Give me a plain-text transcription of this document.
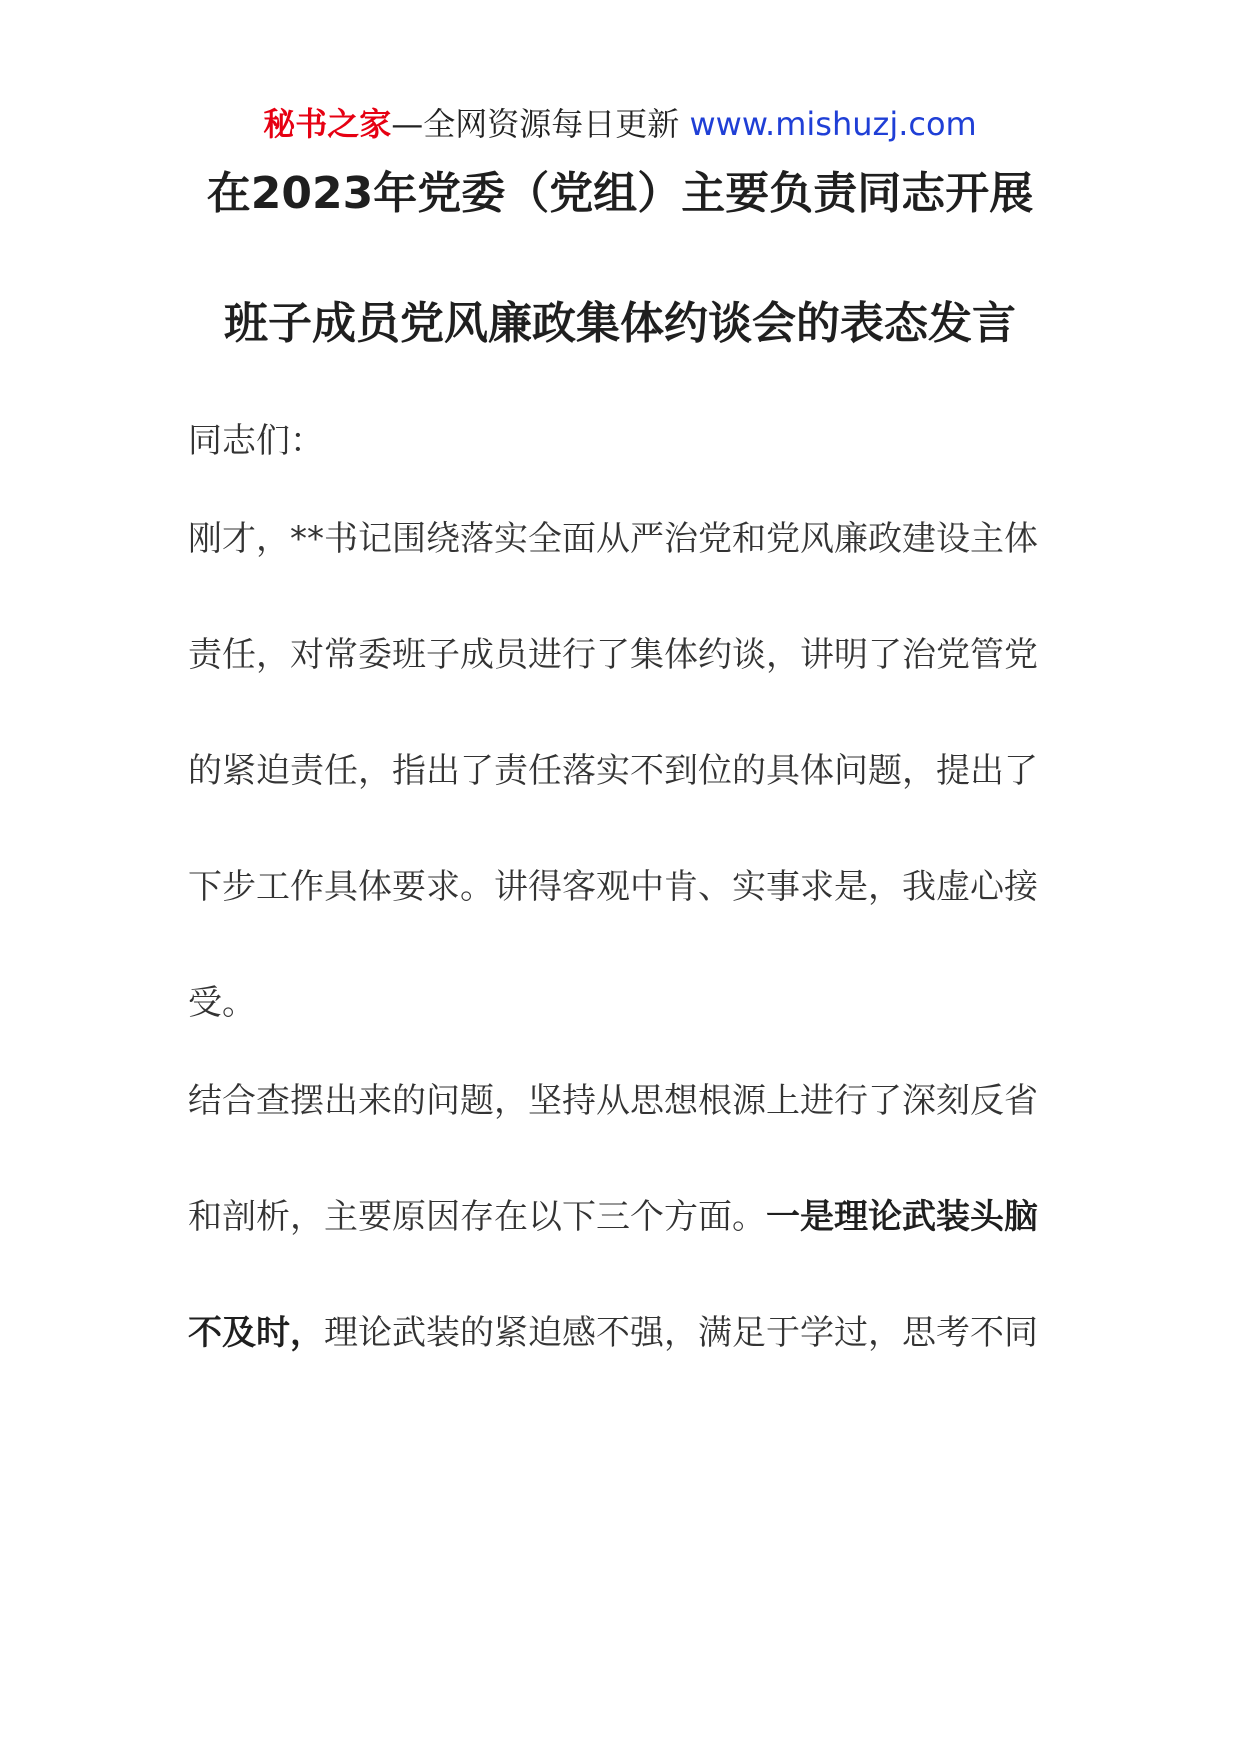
秘书之家—全网资源每日更新 www.mishuzj.com
在2023年党委（党组）主要负责同志开展
班子成员党风廉政集体约谈会的表态发言
同志们：
刚才，**书记围绕落实全面从严治党和党风廉政建设主体
责任，对常委班子成员进行了集体约谈，讲明了治党管党
的紧迫责任，指出了责任落实不到位的具体问题，提出了
下步工作具体要求。讲得客观中肯、实事求是，我虚心接
受。
结合查摆出来的问题，坚持从思想根源上进行了深刻反省
和剖析，主要原因存在以下三个方面。一是理论武装头脑
不及时，理论武装的紧迫感不强，满足于学过，思考不同
